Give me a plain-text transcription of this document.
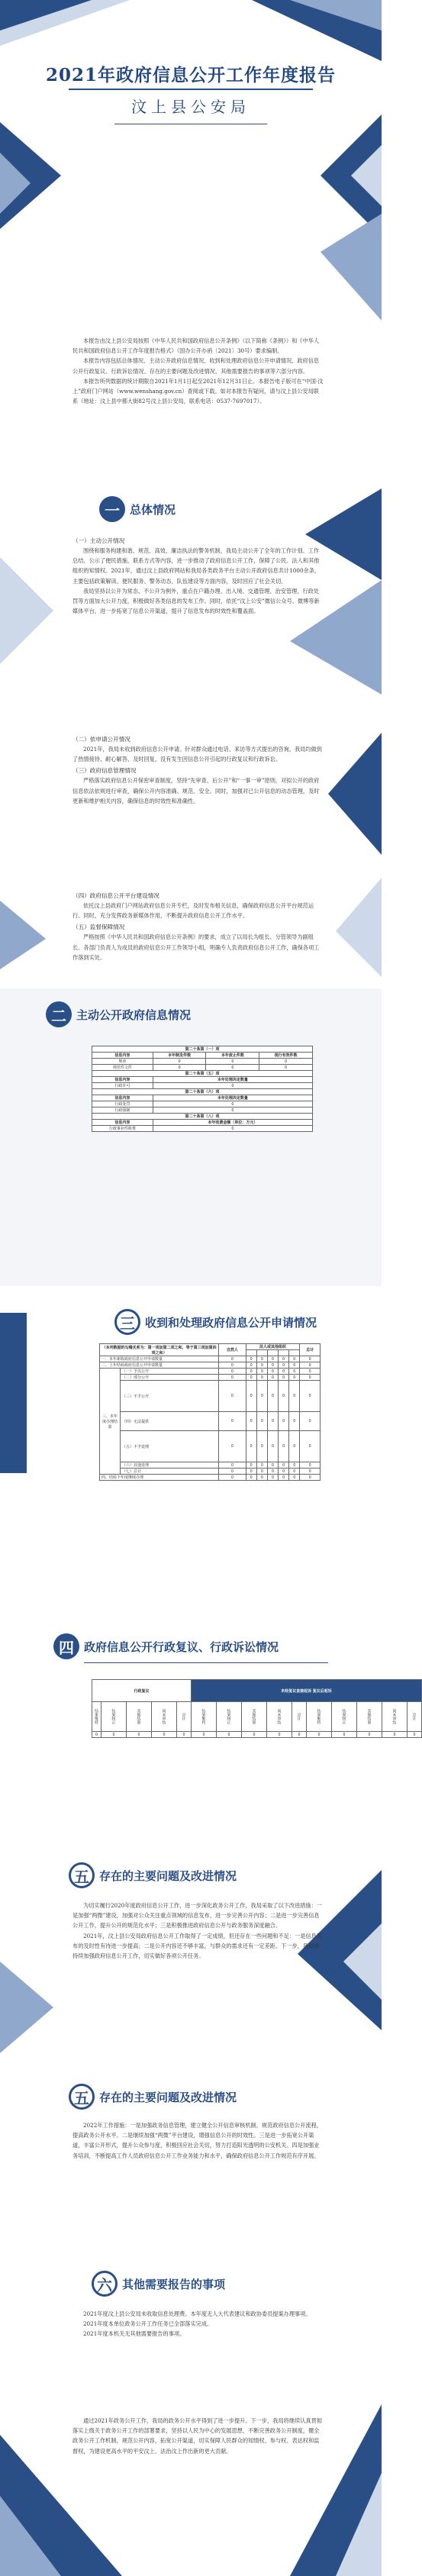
2021年政府信息公开工作年度报告
汶上县公安局

本报告由汶上县公安局按照《中华人民共和国政府信息公开条例》（以下简称《条例》）和《中华人民共和国政府信息公开工作年度报告格式》（国办公开办函〔2021〕30号）要求编制。

本报告内容包括总体情况、主动公开政府信息情况、收到和处理政府信息公开申请情况、政府信息公开行政复议、行政诉讼情况、存在的主要问题及改进情况、其他需要报告的事项等六部分内容。

本报告所列数据的统计期限自2021年1月1日起至2021年12月31日止。本报告电子版可在“中国·汶上”政府门户网站（www.wenshang.gov.cn）查阅或下载。如对本报告有疑问，请与汶上县公安局联系（地址：汶上县中都大街82号汶上县公安局，联系电话：0537-7697017）。

一 总体情况

（一）主动公开情况

围绕和服务构建和谐、规范、高效、廉洁执法的警务机制，我局主动公开了全年的工作计划、工作总结、公示了便民措施、联系方式等内容，进一步推动了政府信息公开工作，保障了公民、法人和其他组织的知情权。2021年，通过汶上县政府网站和我局各类政务平台主动公开政府信息共计1000余条，主要包括政策解读、便民服务、警务动态、队伍建设等方面内容，及时回应了社会关切。

我局坚持以公开为常态、不公开为例外，重点在户籍办理、出入境、交通管理、治安管理、行政处罚等方面加大公开力度，积极做好各类信息的发布工作。同时，依托“汶上公安”微信公众号、微博等新媒体平台，进一步拓宽了信息公开渠道，提升了信息发布的时效性和覆盖面。

（二）依申请公开情况

2021年，我局未收到政府信息公开申请。针对群众通过电话、来访等方式提出的咨询，我局均做到了热情接待、耐心解答、及时回复，没有发生因信息公开引起的行政复议和行政诉讼。

（三）政府信息管理情况

严格落实政府信息公开保密审查制度，坚持“先审查、后公开”和“一事一审”原则，对拟公开的政府信息依法依规进行审查，确保公开内容准确、规范、安全。同时，加强对已公开信息的动态管理，及时更新和维护相关内容，确保信息的时效性和准确性。

（四）政府信息公开平台建设情况

依托汶上县政府门户网站政府信息公开专栏，及时发布相关信息，确保政府信息公开平台规范运行。同时，充分发挥政务新媒体作用，不断提升政府信息公开工作水平。

（五）监督保障情况

严格按照《中华人民共和国政府信息公开条例》的要求，成立了以局长为组长、分管领导为副组长、各部门负责人为成员的政府信息公开工作领导小组，明确专人负责政府信息公开工作，确保各项工作落到实处。

二 主动公开政府信息情况
第二十条第（一）项			
信息内容	本年制发件数	本年废止件数	现行有效件数
规章	0	0	0
规范性文件	0	0	0
第二十条第（五）项			
信息内容	本年处理决定数量		
行政许可	0		
第二十条第（六）项			
信息内容	本年处理决定数量		
行政处罚	0		
行政强制	0		
第二十条第（八）项			
信息内容	本年收费金额（单位：万元）		
行政事业性收费	0		
三 收到和处理政府信息公开申请情况
（本列数据的勾稽关系为：第一项加第二项之和，等于第三项加第四项之和）		自然人	法人或其他组织					总计

一、本年新收政府信息公开申请数量		0	0	0	0	0	0	0
二、上年结转政府信息公开申请数量		0	0	0	0	0	0	0
三、本年度办理结果	（一）予以公开	0	0	0	0	0	0	0
	（二）部分公开	0	0	0	0	0	0	0
	（三）不予公开	0	0	0	0	0	0	0
	（四）无法提供	0	0	0	0	0	0	0
	（五）不予处理	0	0	0	0	0	0	0
	（六）其他处理	0	0	0	0	0	0	0
	（七）总计	0	0	0	0	0	0	0
四、结转下年度继续办理		0	0	0	0	0	0	0
四 政府信息公开行政复议、行政诉讼情况
行政复议					未经复议直接起诉 复议后起诉									
结果维持	结果纠正	其他结果	尚未审结	总计	结果维持	结果纠正	其他结果	尚未审结	总计	结果维持	结果纠正	其他结果	尚未审结	总计
0	0	0	0	0	0	0	0	0	0	0	0	0	0	0
五 存在的主要问题及改进情况

为切实履行2020年度政府信息公开工作，进一步深化政务公开工作，我局采取了以下改进措施：一是加强“两微”建设，加强对公众关注重点领域的信息发布，进一步完善公开内容；二是进一步完善信息公开工作，提升公开的规范化水平；三是积极推进政府信息公开与政务服务深度融合。

2021年，汶上县公安局政府信息公开工作取得了一定成绩，但还存在一些问题和不足：一是信息发布的及时性有待进一步提高；二是公开内容还不够丰富，与群众的需求还有一定差距。下一步，我局将持续加强政府信息公开工作，切实做好各项公开任务。

五 存在的主要问题及改进情况

2022年工作措施：一是加强政务信息管理，建立健全公开信息审核机制，规范政府信息公开流程，提高政务公开水平。二是继续加强“两微”平台建设，增强信息公开的时效性。三是进一步拓宽公开渠道，丰富公开形式，提升公众参与度，积极回应社会关切，努力打造阳光透明的公安机关。四是加强业务培训，不断提高工作人员政府信息公开工作业务能力和水平，确保政府信息公开工作规范有序开展。

六 其他需要报告的事项

2021年度汶上县公安局未收取信息处理费。本年度无人大代表建议和政协委员提案办理事项。

2021年度本单位政务公开工作任务已全部落实完成。

2021年度本机关无其他需要报告的事项。

通过2021年政务公开工作，我局的政务公开水平得到了进一步提升。下一步，我局将继续认真贯彻落实上级关于政务公开工作的部署要求，坚持以人民为中心的发展思想，不断完善政务公开制度，健全政务公开工作机制，规范公开内容，拓宽公开渠道，切实保障人民群众的知情权、参与权、表达权和监督权，为建设更高水平的平安汶上、法治汶上作出新的更大贡献。
